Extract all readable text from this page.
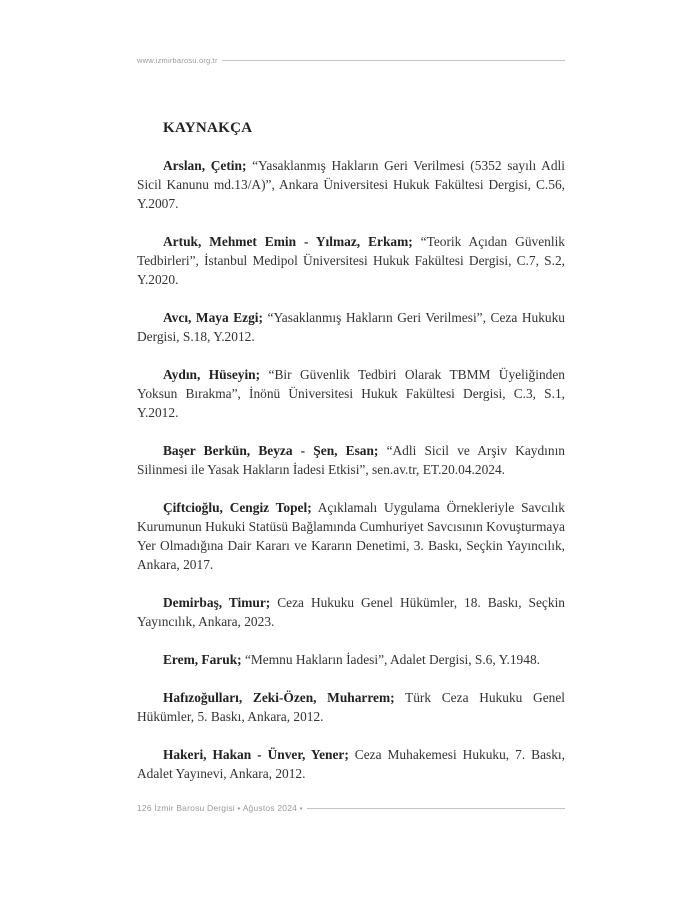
www.izmirbarosu.org.tr
KAYNAKÇA

Arslan, Çetin; “Yasaklanmış Hakların Geri Verilmesi (5352 sayılı Adli Sicil Kanunu md.13/A)”, Ankara Üniversitesi Hukuk Fakültesi Dergisi, C.56, Y.2007.

Artuk, Mehmet Emin - Yılmaz, Erkam; “Teorik Açıdan Güvenlik Tedbirleri”, İstanbul Medipol Üniversitesi Hukuk Fakültesi Dergisi, C.7, S.2, Y.2020.

Avcı, Maya Ezgi; “Yasaklanmış Hakların Geri Verilmesi”, Ceza Hukuku Dergisi, S.18, Y.2012.

Aydın, Hüseyin; “Bir Güvenlik Tedbiri Olarak TBMM Üyeliğinden Yoksun Bırakma”, İnönü Üniversitesi Hukuk Fakültesi Dergisi, C.3, S.1, Y.2012.

Başer Berkün, Beyza - Şen, Esan; “Adli Sicil ve Arşiv Kaydının Silinmesi ile Yasak Hakların İadesi Etkisi”, sen.av.tr, ET.20.04.2024.

Çiftcioğlu, Cengiz Topel; Açıklamalı Uygulama Örnekleriyle Savcılık Kurumunun Hukuki Statüsü Bağlamında Cumhuriyet Savcısının Kovuşturmaya Yer Olmadığına Dair Kararı ve Kararın Denetimi, 3. Baskı, Seçkin Yayıncılık, Ankara, 2017.

Demirbaş, Timur; Ceza Hukuku Genel Hükümler, 18. Baskı, Seçkin Yayıncılık, Ankara, 2023.

Erem, Faruk; “Memnu Hakların İadesi”, Adalet Dergisi, S.6, Y.1948.

Hafızoğulları, Zeki-Özen, Muharrem; Türk Ceza Hukuku Genel Hükümler, 5. Baskı, Ankara, 2012.

Hakeri, Hakan - Ünver, Yener; Ceza Muhakemesi Hukuku, 7. Baskı, Adalet Yayınevi, Ankara, 2012.

126 İzmir Barosu Dergisi • Ağustos 2024 •
